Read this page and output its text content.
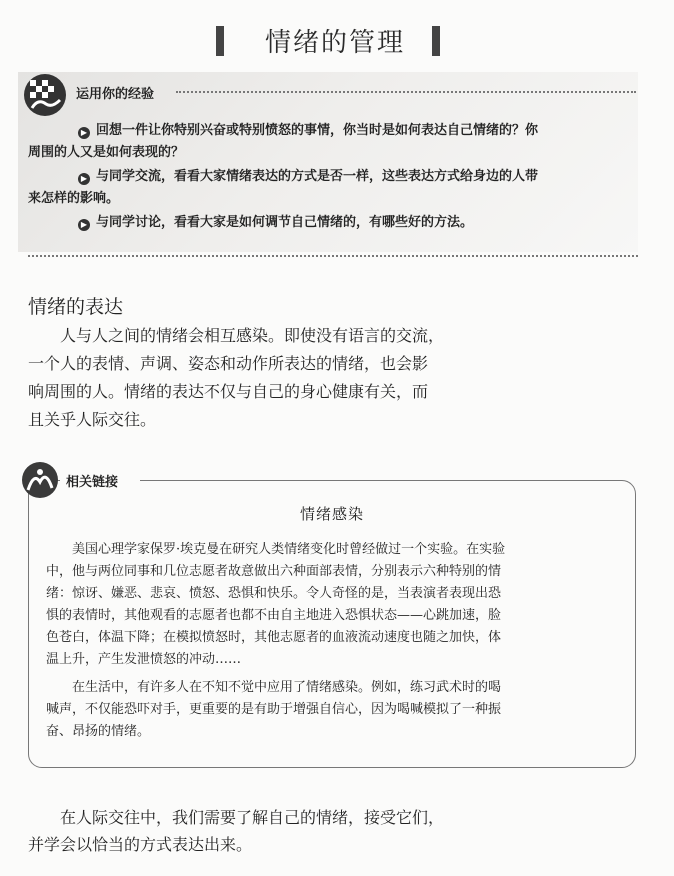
情绪的管理
运用你的经验
▶ 回想一件让你特别兴奋或特别愤怒的事情，你当时是如何表达自己情绪的？你
周围的人又是如何表现的？
▶ 与同学交流，看看大家情绪表达的方式是否一样，这些表达方式给身边的人带
来怎样的影响。
▶ 与同学讨论，看看大家是如何调节自己情绪的，有哪些好的方法。
情绪的表达
人与人之间的情绪会相互感染。即使没有语言的交流，
一个人的表情、声调、姿态和动作所表达的情绪，也会影
响周围的人。情绪的表达不仅与自己的身心健康有关，而
且关乎人际交往。
相关链接
情绪感染
美国心理学家保罗·埃克曼在研究人类情绪变化时曾经做过一个实验。在实验
中，他与两位同事和几位志愿者故意做出六种面部表情，分别表示六种特别的情
绪：惊讶、嫌恶、悲哀、愤怒、恐惧和快乐。令人奇怪的是，当表演者表现出恐
惧的表情时，其他观看的志愿者也都不由自主地进入恐惧状态——心跳加速，脸
色苍白，体温下降；在模拟愤怒时，其他志愿者的血液流动速度也随之加快，体
温上升，产生发泄愤怒的冲动……
在生活中，有许多人在不知不觉中应用了情绪感染。例如，练习武术时的喝
喊声，不仅能恐吓对手，更重要的是有助于增强自信心，因为喝喊模拟了一种振
奋、昂扬的情绪。
在人际交往中，我们需要了解自己的情绪，接受它们，
并学会以恰当的方式表达出来。
